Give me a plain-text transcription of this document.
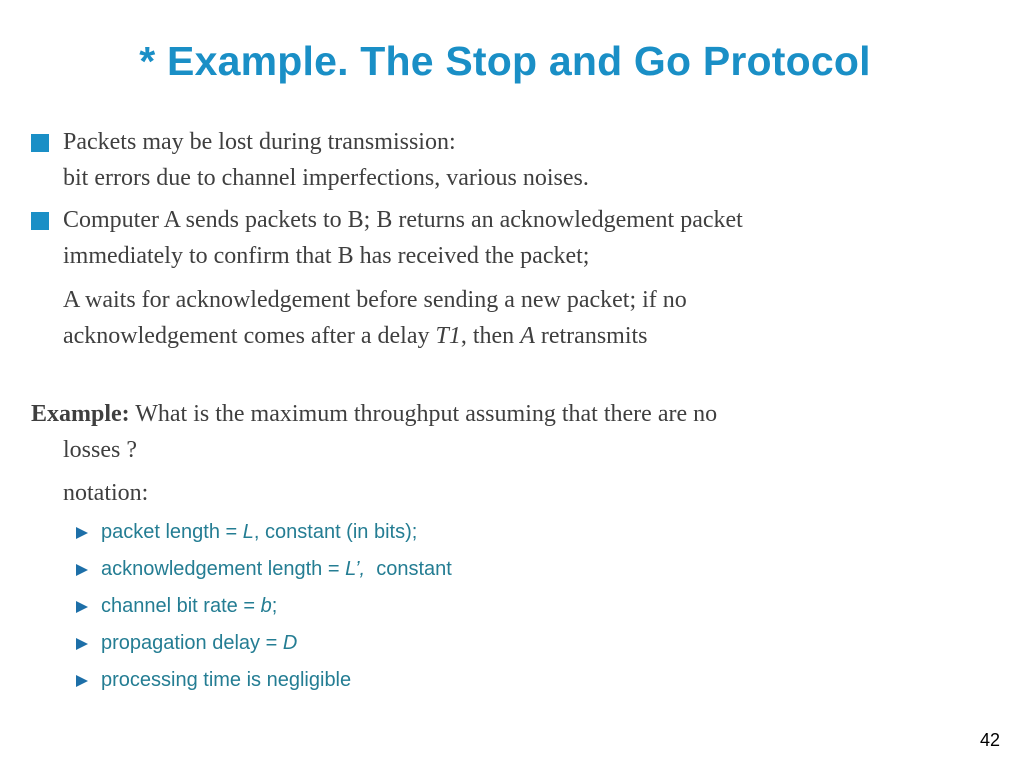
* Example. The Stop and Go Protocol
Packets may be lost during transmission:
bit errors due to channel imperfections, various noises.
Computer A sends packets to B; B returns an acknowledgement packet
immediately to confirm that B has received the packet;
A waits for acknowledgement before sending a new packet; if no
acknowledgement comes after a delay T1, then A retransmits
Example: What is the maximum throughput assuming that there are no
losses ?
notation:
packet length = L, constant (in bits);
acknowledgement length = L’,  constant
channel bit rate = b;
propagation delay = D
processing time is negligible
42
